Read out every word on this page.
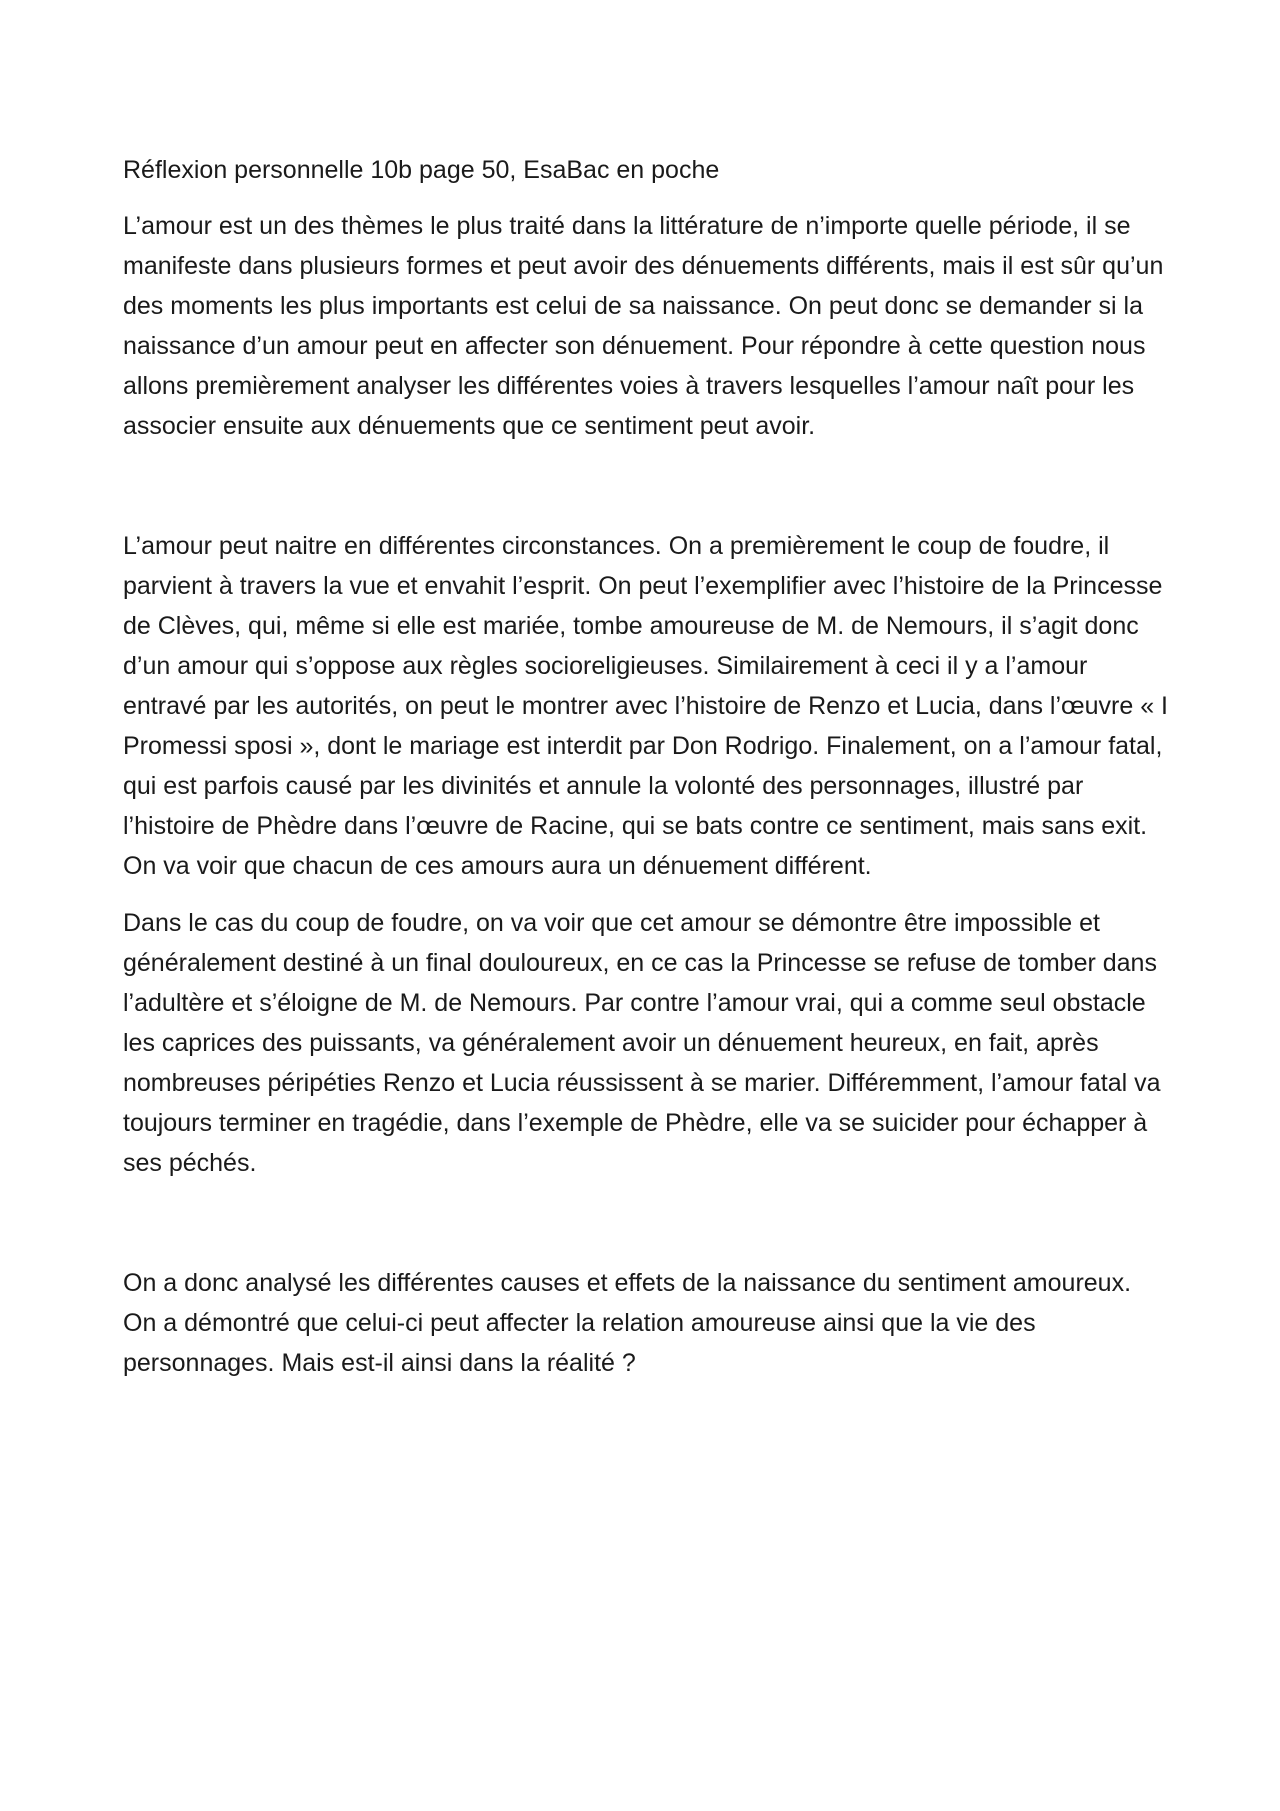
Réflexion personnelle 10b page 50, EsaBac en poche

L’amour est un des thèmes le plus traité dans la littérature de n’importe quelle période, il se manifeste dans plusieurs formes et peut avoir des dénuements différents, mais il est sûr qu’un des moments les plus importants est celui de sa naissance. On peut donc se demander si la naissance d’un amour peut en affecter son dénuement. Pour répondre à cette question nous allons premièrement analyser les différentes voies à travers lesquelles l’amour naît pour les associer ensuite aux dénuements que ce sentiment peut avoir.

L’amour peut naitre en différentes circonstances. On a premièrement le coup de foudre, il parvient à travers la vue et envahit l’esprit. On peut l’exemplifier avec l’histoire de la Princesse de Clèves, qui, même si elle est mariée, tombe amoureuse de M. de Nemours, il s’agit donc d’un amour qui s’oppose aux règles socioreligieuses. Similairement à ceci il y a l’amour entravé par les autorités, on peut le montrer avec l’histoire de Renzo et Lucia, dans l’œuvre « I Promessi sposi », dont le mariage est interdit par Don Rodrigo. Finalement, on a l’amour fatal, qui est parfois causé par les divinités et annule la volonté des personnages, illustré par l’histoire de Phèdre dans l’œuvre de Racine, qui se bats contre ce sentiment, mais sans exit. On va voir que chacun de ces amours aura un dénuement différent.

Dans le cas du coup de foudre, on va voir que cet amour se démontre être impossible et généralement destiné à un final douloureux, en ce cas la Princesse se refuse de tomber dans l’adultère et s’éloigne de M. de Nemours. Par contre l’amour vrai, qui a comme seul obstacle les caprices des puissants, va généralement avoir un dénuement heureux, en fait, après nombreuses péripéties Renzo et Lucia réussissent à se marier. Différemment, l’amour fatal va toujours terminer en tragédie, dans l’exemple de Phèdre, elle va se suicider pour échapper à ses péchés.

On a donc analysé les différentes causes et effets de la naissance du sentiment amoureux. On a démontré que celui-ci peut affecter la relation amoureuse ainsi que la vie des personnages. Mais est-il ainsi dans la réalité ?
